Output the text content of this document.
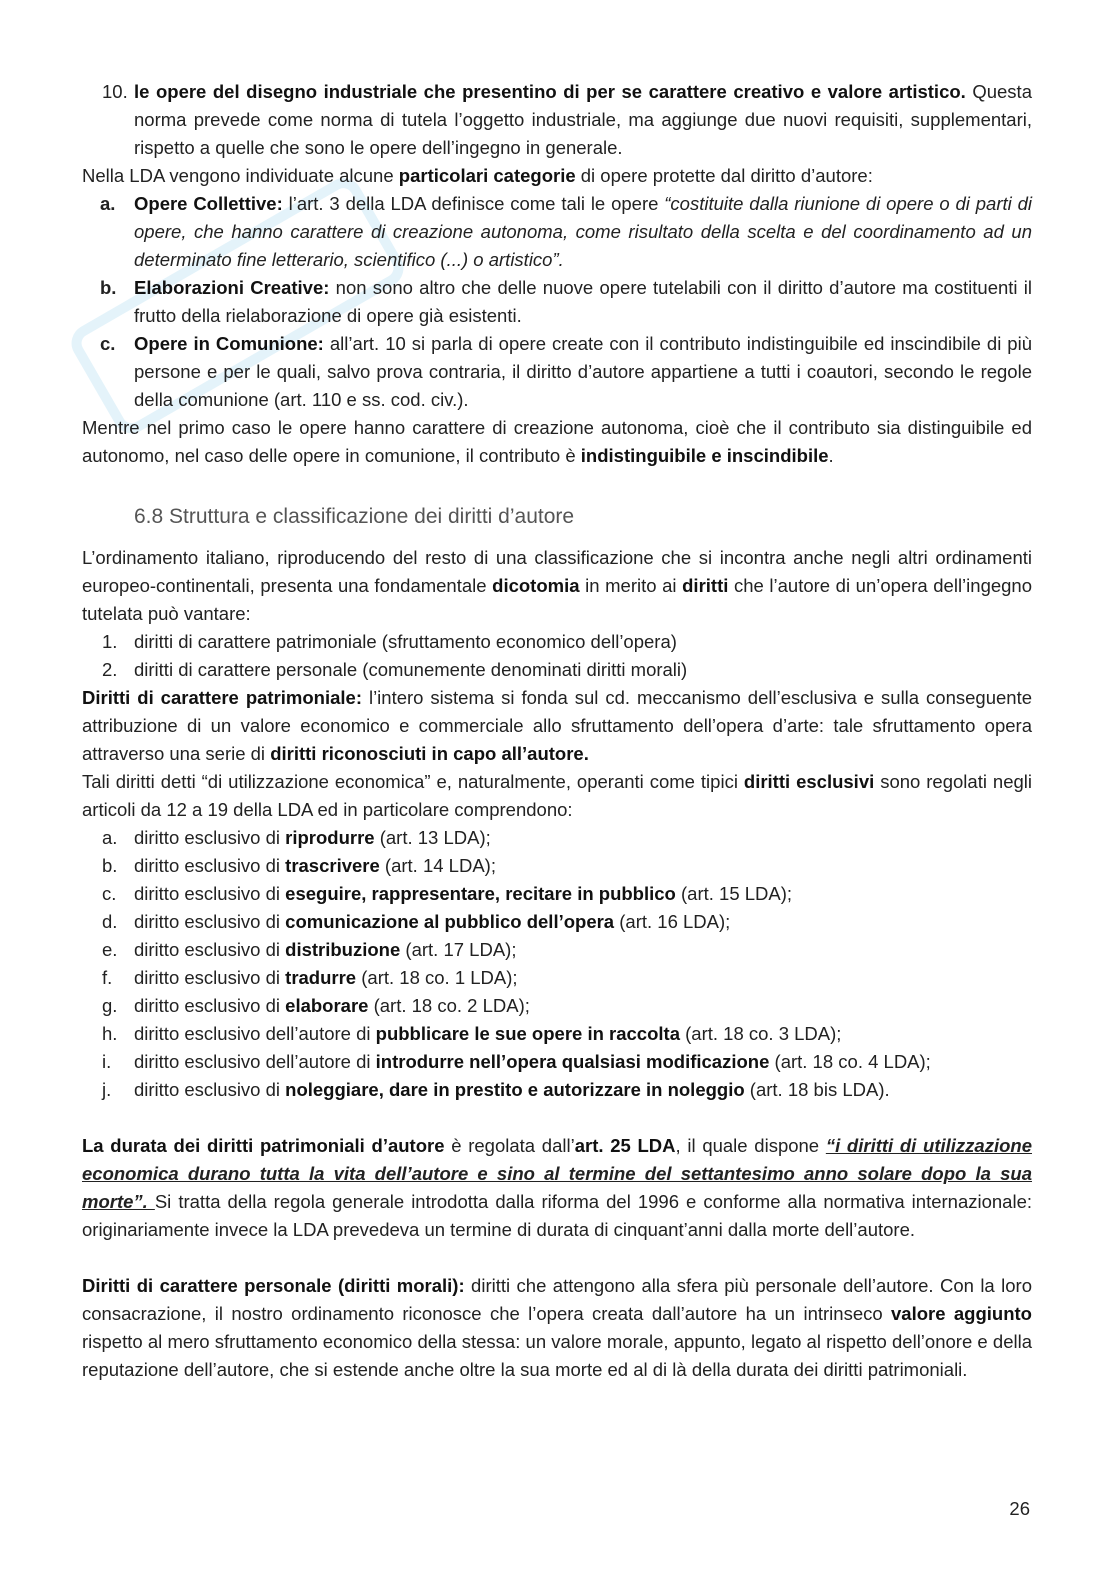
10. le opere del disegno industriale che presentino di per se carattere creativo e valore artistico. Questa norma prevede come norma di tutela l’oggetto industriale, ma aggiunge due nuovi requisiti, supplementari, rispetto a quelle che sono le opere dell’ingegno in generale.

Nella LDA vengono individuate alcune particolari categorie di opere protette dal diritto d’autore:

a. Opere Collettive: l’art. 3 della LDA definisce come tali le opere “costituite dalla riunione di opere o di parti di opere, che hanno carattere di creazione autonoma, come risultato della scelta e del coordinamento ad un determinato fine letterario, scientifico (...) o artistico”.
b. Elaborazioni Creative: non sono altro che delle nuove opere tutelabili con il diritto d’autore ma costituenti il frutto della rielaborazione di opere già esistenti.
c. Opere in Comunione: all’art. 10 si parla di opere create con il contributo indistinguibile ed inscindibile di più persone e per le quali, salvo prova contraria, il diritto d’autore appartiene a tutti i coautori, secondo le regole della comunione (art. 110 e ss. cod. civ.).

Mentre nel primo caso le opere hanno carattere di creazione autonoma, cioè che il contributo sia distinguibile ed autonomo, nel caso delle opere in comunione, il contributo è indistinguibile e inscindibile.

6.8 Struttura e classificazione dei diritti d’autore

L’ordinamento italiano, riproducendo del resto di una classificazione che si incontra anche negli altri ordinamenti europeo-continentali, presenta una fondamentale dicotomia in merito ai diritti che l’autore di un’opera dell’ingegno tutelata può vantare:

1. diritti di carattere patrimoniale (sfruttamento economico dell’opera)
2. diritti di carattere personale (comunemente denominati diritti morali)

Diritti di carattere patrimoniale: l’intero sistema si fonda sul cd. meccanismo dell’esclusiva e sulla conseguente attribuzione di un valore economico e commerciale allo sfruttamento dell’opera d’arte: tale sfruttamento opera attraverso una serie di diritti riconosciuti in capo all’autore.

Tali diritti detti “di utilizzazione economica” e, naturalmente, operanti come tipici diritti esclusivi sono regolati negli articoli da 12 a 19 della LDA ed in particolare comprendono:

a. diritto esclusivo di riprodurre (art. 13 LDA);
b. diritto esclusivo di trascrivere (art. 14 LDA);
c. diritto esclusivo di eseguire, rappresentare, recitare in pubblico (art. 15 LDA);
d. diritto esclusivo di comunicazione al pubblico dell’opera (art. 16 LDA);
e. diritto esclusivo di distribuzione (art. 17 LDA);
f. diritto esclusivo di tradurre (art. 18 co. 1 LDA);
g. diritto esclusivo di elaborare (art. 18 co. 2 LDA);
h. diritto esclusivo dell’autore di pubblicare le sue opere in raccolta (art. 18 co. 3 LDA);
i. diritto esclusivo dell’autore di introdurre nell’opera qualsiasi modificazione (art. 18 co. 4 LDA);
j. diritto esclusivo di noleggiare, dare in prestito e autorizzare in noleggio (art. 18 bis LDA).

La durata dei diritti patrimoniali d’autore è regolata dall’art. 25 LDA, il quale dispone “i diritti di utilizzazione economica durano tutta la vita dell’autore e sino al termine del settantesimo anno solare dopo la sua morte”. Si tratta della regola generale introdotta dalla riforma del 1996 e conforme alla normativa internazionale: originariamente invece la LDA prevedeva un termine di durata di cinquant’anni dalla morte dell’autore.

Diritti di carattere personale (diritti morali): diritti che attengono alla sfera più personale dell’autore. Con la loro consacrazione, il nostro ordinamento riconosce che l’opera creata dall’autore ha un intrinseco valore aggiunto rispetto al mero sfruttamento economico della stessa: un valore morale, appunto, legato al rispetto dell’onore e della reputazione dell’autore, che si estende anche oltre la sua morte ed al di là della durata dei diritti patrimoniali.

26
